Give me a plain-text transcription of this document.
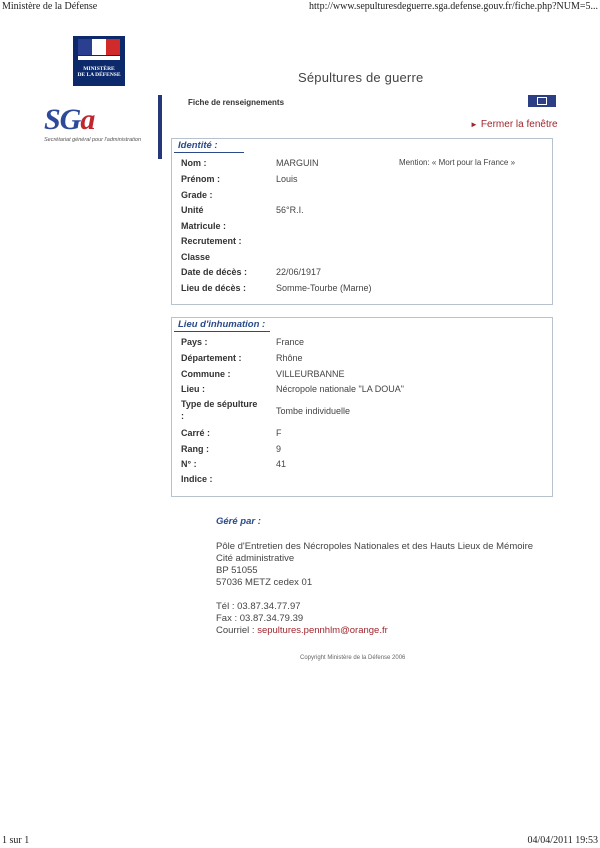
Ministère de la Défense	http://www.sepulturesdeguerre.sga.defense.gouv.fr/fiche.php?NUM=5...
MINISTÈRE
DE LA DÉFENSE	Sépultures de guerre
SGa
Secrétariat général pour l'administration
Fiche de renseignements
► Fermer la fenêtre
Identité :
Mention: « Mort pour la France »
Nom :	MARGUIN
Prénom :	Louis
Grade :
Unité	56°R.I.
Matricule :
Recrutement :
Classe
Date de décès :	22/06/1917
Lieu de décès :	Somme-Tourbe (Marne)
Lieu d'inhumation :
Pays :	France
Département :	Rhône
Commune :	VILLEURBANNE
Lieu :	Nécropole nationale "LA DOUA"
Type de sépulture
:	Tombe individuelle
Carré :	F
Rang :	9
N° :	41
Indice :
Géré par :
Pôle d'Entretien des Nécropoles Nationales et des Hauts Lieux de Mémoire
Cité administrative
BP 51055
57036 METZ cedex 01
Tél : 03.87.34.77.97
Fax : 03.87.34.79.39
Courriel : sepultures.pennhlm@orange.fr
Copyright Ministère de la Défense 2006
1 sur 1	04/04/2011 19:53
